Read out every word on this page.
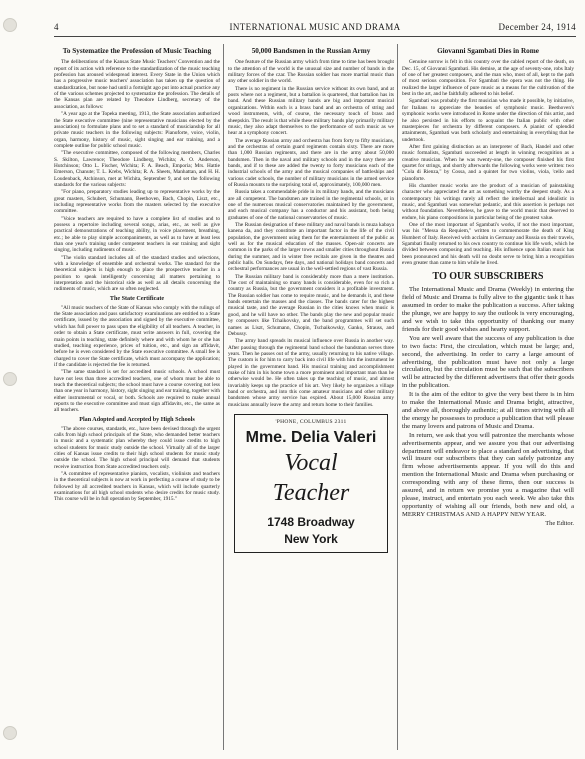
4	INTERNATIONAL MUSIC AND DRAMA	December 24, 1914
To Systematize the Profession of Music Teaching

The deliberations of the Kansas State Music Teachers' Convention and the report of its action with reference to the standardization of the music teaching profession has aroused widespread interest. Every State in the Union which has a progressive music teachers' association has taken up the question of standardization, but none had until a fortnight ago put into actual practice any of the various schemes projected to systematize the profession. The details of the Kansas plan are related by Theodore Lindberg, secretary of the association, as follows:

"A year ago at the Topeka meeting, 1913, the State association authorized the State executive committee (nine representative musicians elected by the association) to formulate plans and to set a standard of musicianship for all private music teachers in the following subjects: Pianoforte, voice, violin, organ, harmony, history of music, sight singing and ear training, and a complete outline for public school music.

"The executive committee, composed of the following members, Charles S. Skilton, Lawrence; Theodore Lindberg, Wichita; A. O. Anderson, Hutchinson; Otto L. Fischer, Wichita; F. A. Beach, Emporia; Mrs. Hattie Emerson, Chanute; T. L. Krebs, Wichita; R. A. Sheets, Manhattan, and H. H. Loudenback, Atchinson, met at Wichita, September 9, and set the following standards for the various subjects:

"For piano, preparatory studies leading up to representative works by the great masters, Schubert, Schumann, Beethoven, Bach, Chopin, Liszt, etc., including representative works from the masters selected by the executive committee.

"Voice teachers are required to have a complete list of studies and to possess a repertoire including several songs, arias, etc., as well as give practical demonstrations of teaching ability, in voice placement, breathing, etc.; be able to play simple accompaniments, as well as to have at least less than one year's training under competent teachers in ear training and sight singing, including rudiments of music.

"The violin standard includes all of the standard studies and selections, with a knowledge of ensemble and orchestral works. The standard for the theoretical subjects is high enough to place the prospective teacher in a position to speak intelligently concerning all matters pertaining to interpretation and the historical side as well as all details concerning the rudiments of music, which are so often neglected.

The State Certificate

"All music teachers of the State of Kansas who comply with the rulings of the State association and pass satisfactory examinations are entitled to a State certificate, issued by the association and signed by the executive committee, which has full power to pass upon the eligibility of all teachers. A teacher, in order to obtain a State certificate, must write answers in full, covering the main points in teaching, state definitely where and with whom he or she has studied, teaching experience, prices of tuition, etc., and sign an affidavit, before he is even considered by the State executive committee. A small fee is charged to cover the State certificate, which must accompany the application; if the candidate is rejected the fee is returned.

"The same standard is set for accredited music schools. A school must have not less than three accredited teachers, one of whom must be able to teach the theoretical subjects; the school must have a course covering not less than one year in harmony, history, sight singing and ear training, together with either instrumental or vocal, or both. Schools are required to make annual reports to the executive committee and must sign affidavits, etc., the same as all teachers.

Plan Adopted and Accepted by High Schools

"The above courses, standards, etc., have been devised through the urgent calls from high school principals of the State, who demanded better teachers in music and a systematic plan whereby they could issue credits to high school students for music study outside the school. Virtually all of the larger cities of Kansas issue credits to their high school students for music study outside the school. The high school principal will demand that students receive instruction from State accredited teachers only.

"A committee of representative pianists, vocalists, violinists and teachers in the theoretical subjects is now at work in perfecting a course of study to be followed by all accredited teachers in Kansas, which will include quarterly examinations for all high school students who desire credits for music study. This course will be in full operation by September, 1915."

50,000 Bandsmen in the Russian Army

One feature of the Russian army which from time to time has been brought to the attention of the world is the unusual size and number of bands in the military forces of the czar. The Russian soldier has more martial music than any other soldier in the world.

There is no regiment in the Russian service without its own band, and at posts where not a regiment, but a battalion is quartered, that battalion has its band. And these Russian military bands are big and important musical organizations. Within each is a brass band and an orchestra of string and wood instruments, with, of course, the necessary touch of brass and sheepskin. The result is that while these military bands play primarily military music, they also adapt themselves to the performance of such music as we hear at a symphony concert.

The average Russian army and orchestra has from forty to fifty musicians, and the orchestras of certain guard regiments contain sixty. There are more than 1,000 Russian regiments, and there are in the army about 50,000 bandsmen. Then in the naval and military schools and in the navy there are bands, and if to these are added the twenty to forty musicians each of the industrial schools of the army and the musical companies of battleships and various cadet schools, the number of military musicians in the armed service of Russia mounts to the surprising total of, approximately, 100,000 men.

Russia takes a commendable pride in its military bands, and the musicians are all competent. The bandsmen are trained in the regimental schools, or in one of the numerous musical conservatories maintained by the government, and each musical company has a conductor and his assistant, both being graduates of one of the national conservatories of music.

The Russian designation of these military and naval bands is muza kabaya kanena da, and they constitute an important factor in the life of the civil population, the government using them for the entertainment of the public as well as for the musical education of the masses. Open-air concerts are common in the parks of the larger towns and smaller cities throughout Russia during the summer, and in winter free recitals are given in the theatres and public halls. On Sundays, fete days, and national holidays band concerts and orchestral performances are usual in the well-settled regions of vast Russia.

The Russian military band is considerably more than a mere institution. The cost of maintaining so many bands is considerable, even for so rich a country as Russia, but the government considers it a profitable investment. The Russian soldier has come to require music, and he demands it, and these bands entertain the masses and the classes. The bands cater for the highest musical taste, and the average Russian in the cities knows when music is good, and he will have no other. The bands play the new and popular music by composers like Tchaikovsky, and the band programmes will set such names as Liszt, Schumann, Chopin, Tschaikowsky, Ganko, Strauss, and Debussy.

The army band spreads its musical influence over Russia in another way. After passing through the regimental band school the bandsman serves three years. Then he passes out of the army, usually returning to his native village. The custom is for him to carry back into civil life with him the instrument he played in the government band. His musical training and accomplishment make of him in his home town a more prominent and important man than he otherwise would be. He often takes up the teaching of music, and almost invariably keeps up the practice of his art. Very likely he organizes a village band or orchestra, and into this come amateur musicians and other military bandsmen whose army service has expired. About 15,000 Russian army musicians annually leave the army and return home to their families.

'PHONE, COLUMBUS 2311
Mme. Delia Valeri
Vocal
Teacher
1748 Broadway
New York
Giovanni Sgambati Dies in Rome

Genuine sorrow is felt in this country over the cabled report of the death, on Dec. 15, of Giovanni Sgambati. His demise, at the age of seventy-one, robs Italy of one of her greatest composers, and the man who, most of all, kept to the path of most serious composition. For Sgambati the opera was not the thing. He realized the larger influence of pure music as a means for the cultivation of the best in the art, and he faithfully adhered to his belief.

Sgambati was probably the first musician who made it possible, by initiative, for Italians to appreciate the beauties of symphonic music. Beethoven's symphonic works were introduced in Rome under the direction of this artist, and he also persisted in his efforts to acquaint the Italian public with other masterpieces for orchestra by different composers. A pianist of splendid attainments, Sgambati was both scholarly and entertaining in everything that he undertook.

After first gaining distinction as an interpreter of Bach, Handel and other music formalists, Sgambati succeeded at length in winning recognition as a creative musician. When he was twenty-one, the composer finished his first quartet for strings, and shortly afterwards the following works were written: two "Cola di Rienza," by Cossa, and a quintet for two violins, viola, 'cello and pianoforte.

His chamber music works are the product of a musician of painstaking character who appreciated the art as something worthy the deepest study. As a contemporary his writings rarely all reflect the intellectual and idealistic in music, and Sgambati was somewhat pedantic, and this assertion is perhaps not without foundation. Nevertheless, he gave to the world music that deserved to endure, his piano compositions in particular being of the greatest value.

One of the most important of Sgambati's works, if not the most important, was his "Messa da Requiem," written to commemorate the death of King Humbert of Italy. Received with acclaim in Germany and Russia on their travels, Sgambati finally returned to his own country to continue his life work, which he divided between composing and teaching. His influence upon Italian music has been pronounced and his death will no doubt serve to bring him a recognition even greater than came to him while he lived.

TO OUR SUBSCRIBERS

The International Music and Drama (Weekly) in entering the field of Music and Drama is fully alive to the gigantic task it has assumed in order to make the publication a success. After taking the plunge, we are happy to say the outlook is very encouraging, and we wish to take this opportunity of thanking our many friends for their good wishes and hearty support.

You are well aware that the success of any publication is due to two facts: First, the circulation, which must be large; and, second, the advertising. In order to carry a large amount of advertising, the publication must have not only a large circulation, but the circulation must be such that the subscribers will be attracted by the different advertisers that offer their goods in the publication.

It is the aim of the editor to give the very best there is in him to make the International Music and Drama bright, attractive, and above all, thoroughly authentic; at all times striving with all the energy he possesses to produce a publication that will please the many lovers and patrons of Music and Drama.

In return, we ask that you will patronize the merchants whose advertisements appear, and we assure you that our advertising department will endeavor to place a standard on advertising, that will insure our subscribers that they can safely patronize any firm whose advertisements appear. If you will do this and mention the International Music and Drama when purchasing or corresponding with any of these firms, then our success is assured, and in return we promise you a magazine that will please, instruct, and entertain you each week. We also take this opportunity of wishing all our friends, both new and old, a MERRY CHRISTMAS AND A HAPPY NEW YEAR.

The Editor.
